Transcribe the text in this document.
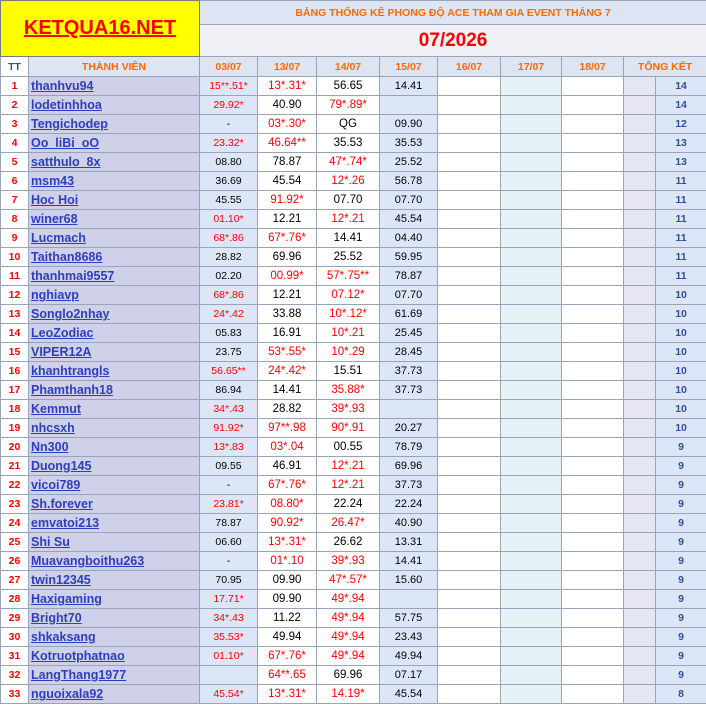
KETQUA16.NET		BẢNG THỐNG KÊ PHONG ĐỘ ACE THAM GIA EVENT THÁNG 7								
		07/2026								
TT	THÀNH VIÊN	03/07	13/07	14/07	15/07	16/07	17/07	18/07	TỔNG KẾT	
1	thanhvu94	15**.51*	13*.31*	56.65	14.41					14
2	lodetinhhoa	29.92*	40.90	79*.89*						14
3	Tengichodep	-	03*.30*	QG	09.90					12
4	Oo_liBi_oO	23.32*	46.64**	35.53	35.53					13
5	satthulo_8x	08.80	78.87	47*.74*	25.52					13
6	msm43	36.69	45.54	12*.26	56.78					11
7	Hoc Hoi	45.55	91.92*	07.70	07.70					11
8	winer68	01.10*	12.21	12*.21	45.54					11
9	Lucmach	68*.86	67*.76*	14.41	04.40					11
10	Taithan8686	28.82	69.96	25.52	59.95					11
11	thanhmai9557	02.20	00.99*	57*.75**	78.87					11
12	nghiavp	68*.86	12.21	07.12*	07.70					10
13	Songlo2nhay	24*.42	33.88	10*.12*	61.69					10
14	LeoZodiac	05.83	16.91	10*.21	25.45					10
15	VIPER12A	23.75	53*.55*	10*.29	28.45					10
16	khanhtrangls	56.65**	24*.42*	15.51	37.73					10
17	Phamthanh18	86.94	14.41	35.88*	37.73					10
18	Kemmut	34*.43	28.82	39*.93						10
19	nhcsxh	91.92*	97**.98	90*.91	20.27					10
20	Nn300	13*.83	03*.04	00.55	78.79					9
21	Duong145	09.55	46.91	12*.21	69.96					9
22	vicoi789	-	67*.76*	12*.21	37.73					9
23	Sh.forever	23.81*	08.80*	22.24	22.24					9
24	emvatoi213	78.87	90.92*	26.47*	40.90					9
25	Shi Su	06.60	13*.31*	26.62	13.31					9
26	Muavangboithu263	-	01*.10	39*.93	14.41					9
27	twin12345	70.95	09.90	47*.57*	15.60					9
28	Haxigaming	17.71*	09.90	49*.94						9
29	Bright70	34*.43	11.22	49*.94	57.75					9
30	shkaksang	35.53*	49.94	49*.94	23.43					9
31	Kotruotphatnao	01.10*	67*.76*	49*.94	49.94					9
32	LangThang1977		64**.65	69.96	07.17					9
33	nguoixala92	45.54*	13*.31*	14.19*	45.54					8
